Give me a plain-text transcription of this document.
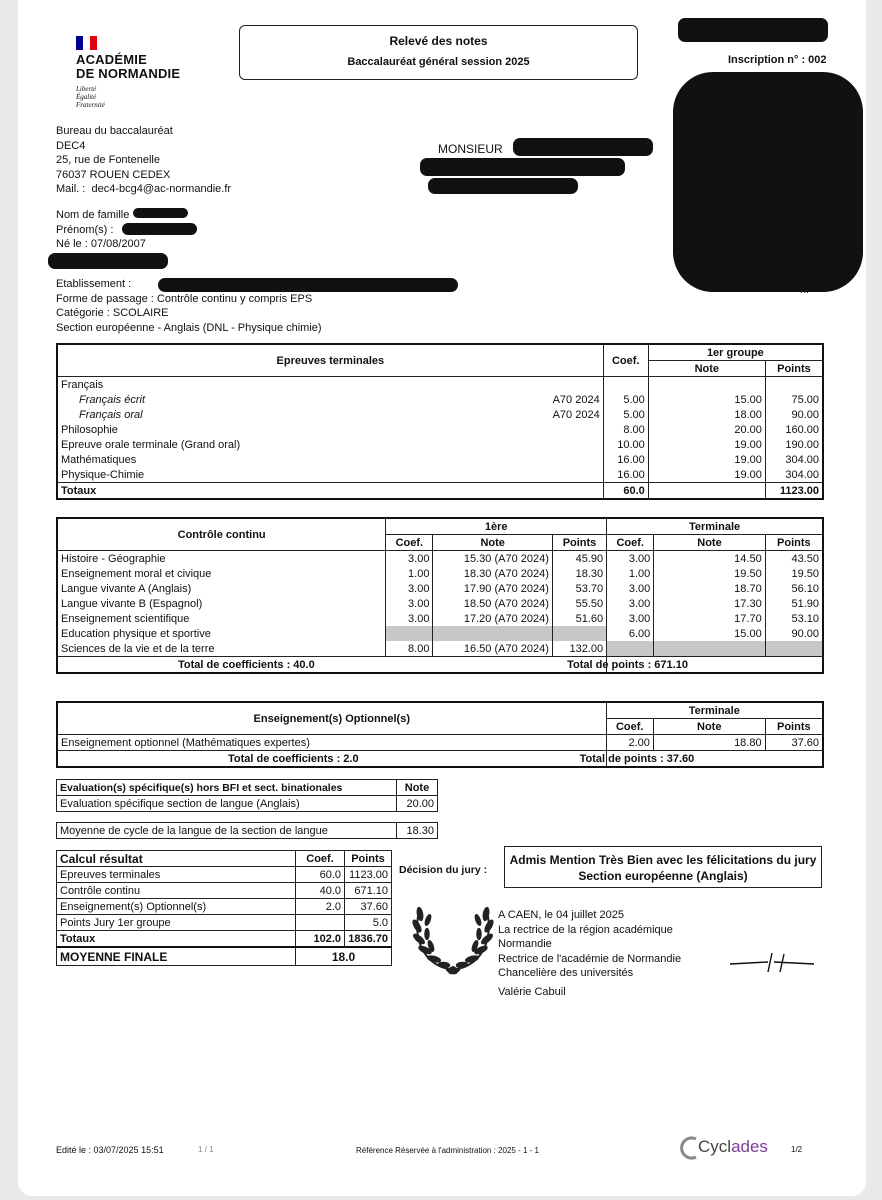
ACADÉMIE
DE NORMANDIE
Liberté
Égalité
Fraternité
Relevé des notes
Baccalauréat général session 2025	Inscription n° : 002
Bureau du baccalauréat
DEC4
25, rue de Fontenelle
76037 ROUEN CEDEX
Mail. : dec4-bcg4@ac-normandie.fr
MONSIEUR
rif
Nom de famille
Prénom(s) :
Né le : 07/08/2007
A :
Etablissement :
Forme de passage : Contrôle continu y compris EPS
Catégorie : SCOLAIRE
Section européenne - Anglais (DNL - Physique chimie)
Epreuves terminales	Coef.	1er groupe	
		Note	Points
Français

Français écrit A70 2024	5.00	15.00	75.00
Français oral A70 2024	5.00	18.00	90.00
Philosophie	8.00	20.00	160.00
Epreuve orale terminale (Grand oral)	10.00	19.00	190.00
Mathématiques	16.00	19.00	304.00
Physique-Chimie	16.00	19.00	304.00
Totaux	60.0		1123.00
Contrôle continu	1ère			Terminale		
	Coef.	Note	Points	Coef.	Note	Points
Histoire - Géographie	3.00	15.30 (A70 2024)	45.90	3.00	14.50	43.50
Enseignement moral et civique	1.00	18.30 (A70 2024)	18.30	1.00	19.50	19.50
Langue vivante A (Anglais)	3.00	17.90 (A70 2024)	53.70	3.00	18.70	56.10
Langue vivante B (Espagnol)	3.00	18.50 (A70 2024)	55.50	3.00	17.30	51.90
Enseignement scientifique	3.00	17.20 (A70 2024)	51.60	3.00	17.70	53.10
Education physique et sportive				6.00	15.00	90.00
Sciences de la vie et de la terre	8.00	16.50 (A70 2024)	132.00			
Total de coefficients : 40.0				Total de points : 671.10		
Enseignement(s) Optionnel(s)	Terminale		
	Coef.	Note	Points
Enseignement optionnel (Mathématiques expertes)	2.00	18.80	37.60
Total de coefficients : 2.0	Total de points : 37.60		
Evaluation(s) spécifique(s) hors BFI et sect. binationales	Note
Evaluation spécifique section de langue (Anglais)	20.00
Moyenne de cycle de la langue de la section de langue	18.30
Calcul résultat	Coef.	Points
Epreuves terminales	60.0	1123.00
Contrôle continu	40.0	671.10
Enseignement(s) Optionnel(s)	2.0	37.60
Points Jury 1er groupe		5.0
Totaux	102.0	1836.70
MOYENNE FINALE	18.0	
Décision du jury :
Admis Mention Très Bien avec les félicitations du jury
Section européenne (Anglais)
A CAEN, le 04 juillet 2025
La rectrice de la région académique
Normandie
Rectrice de l'académie de Normandie
Chancelière des universités
Valérie Cabuil
Edité le : 03/07/2025 15:51	1 / 1	Référence Réservée à l'administration : 2025 - 1 - 1	Cyclades	1/2
